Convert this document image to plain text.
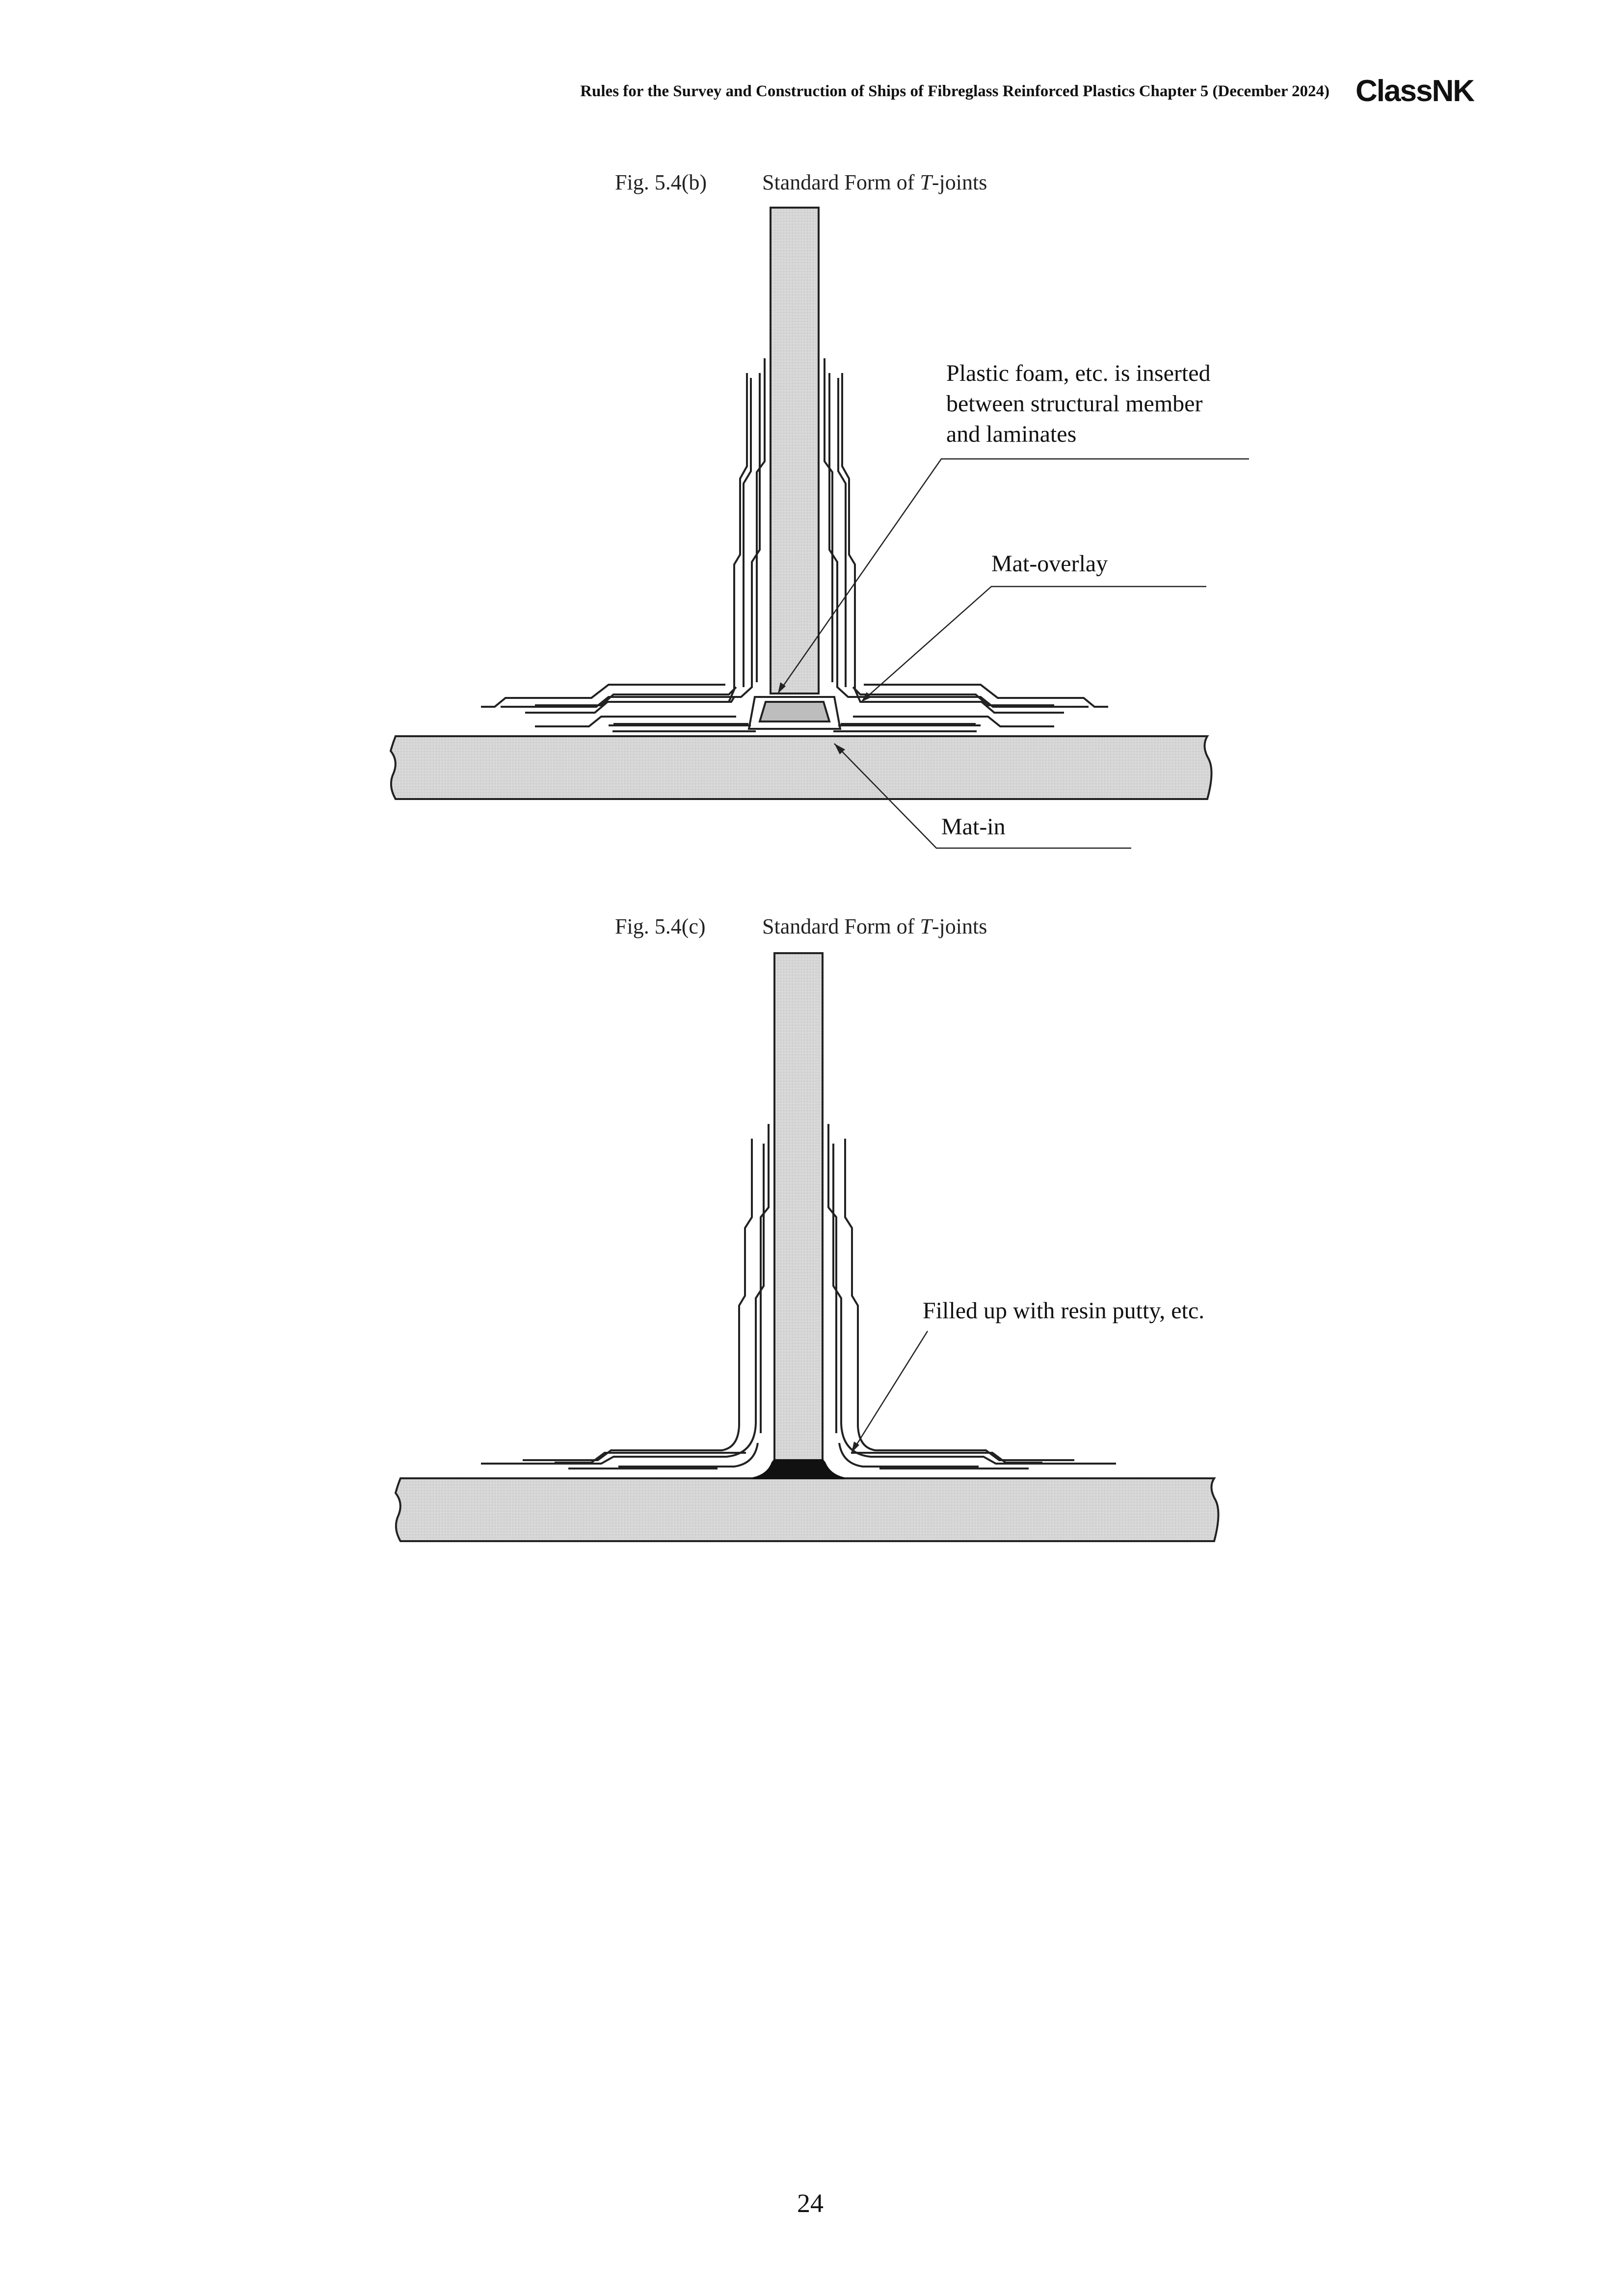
Rules for the Survey and Construction of Ships of Fibreglass Reinforced Plastics Chapter 5 (December 2024) ClassNK
Fig. 5.4(b)	Standard Form of T-joints
Fig. 5.4(c)	Standard Form of T-joints
Plastic foam, etc. is inserted
between structural member
and laminates
Mat-overlay
Mat-in
Filled up with resin putty, etc.
24
